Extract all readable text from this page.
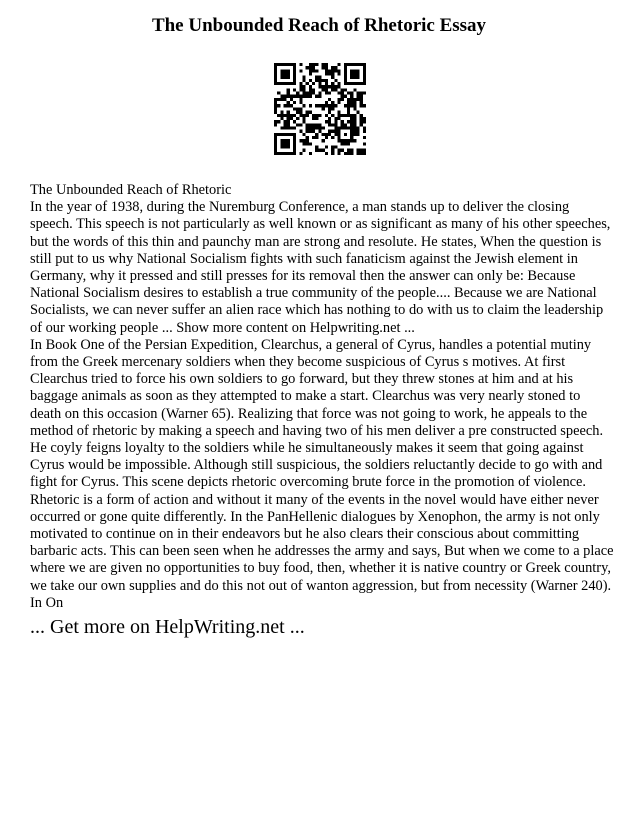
The Unbounded Reach of Rhetoric Essay

The Unbounded Reach of Rhetoric

In the year of 1938, during the Nuremburg Conference, a man stands up to deliver the closing speech. This speech is not particularly as well known or as significant as many of his other speeches, but the words of this thin and paunchy man are strong and resolute. He states, When the question is still put to us why National Socialism fights with such fanaticism against the Jewish element in Germany, why it pressed and still presses for its removal then the answer can only be: Because National Socialism desires to establish a true community of the people.... Because we are National Socialists, we can never suffer an alien race which has nothing to do with us to claim the leadership of our working people ... Show more content on Helpwriting.net ...

In Book One of the Persian Expedition, Clearchus, a general of Cyrus, handles a potential mutiny from the Greek mercenary soldiers when they become suspicious of Cyrus s motives. At first Clearchus tried to force his own soldiers to go forward, but they threw stones at him and at his baggage animals as soon as they attempted to make a start. Clearchus was very nearly stoned to death on this occasion (Warner 65). Realizing that force was not going to work, he appeals to the method of rhetoric by making a speech and having two of his men deliver a pre constructed speech. He coyly feigns loyalty to the soldiers while he simultaneously makes it seem that going against Cyrus would be impossible. Although still suspicious, the soldiers reluctantly decide to go with and fight for Cyrus. This scene depicts rhetoric overcoming brute force in the promotion of violence. Rhetoric is a form of action and without it many of the events in the novel would have either never occurred or gone quite differently. In the PanHellenic dialogues by Xenophon, the army is not only motivated to continue on in their endeavors but he also clears their conscious about committing barbaric acts. This can been seen when he addresses the army and says, But when we come to a place where we are given no opportunities to buy food, then, whether it is native country or Greek country, we take our own supplies and do this not out of wanton aggression, but from necessity (Warner 240).

In On

... Get more on HelpWriting.net ...
